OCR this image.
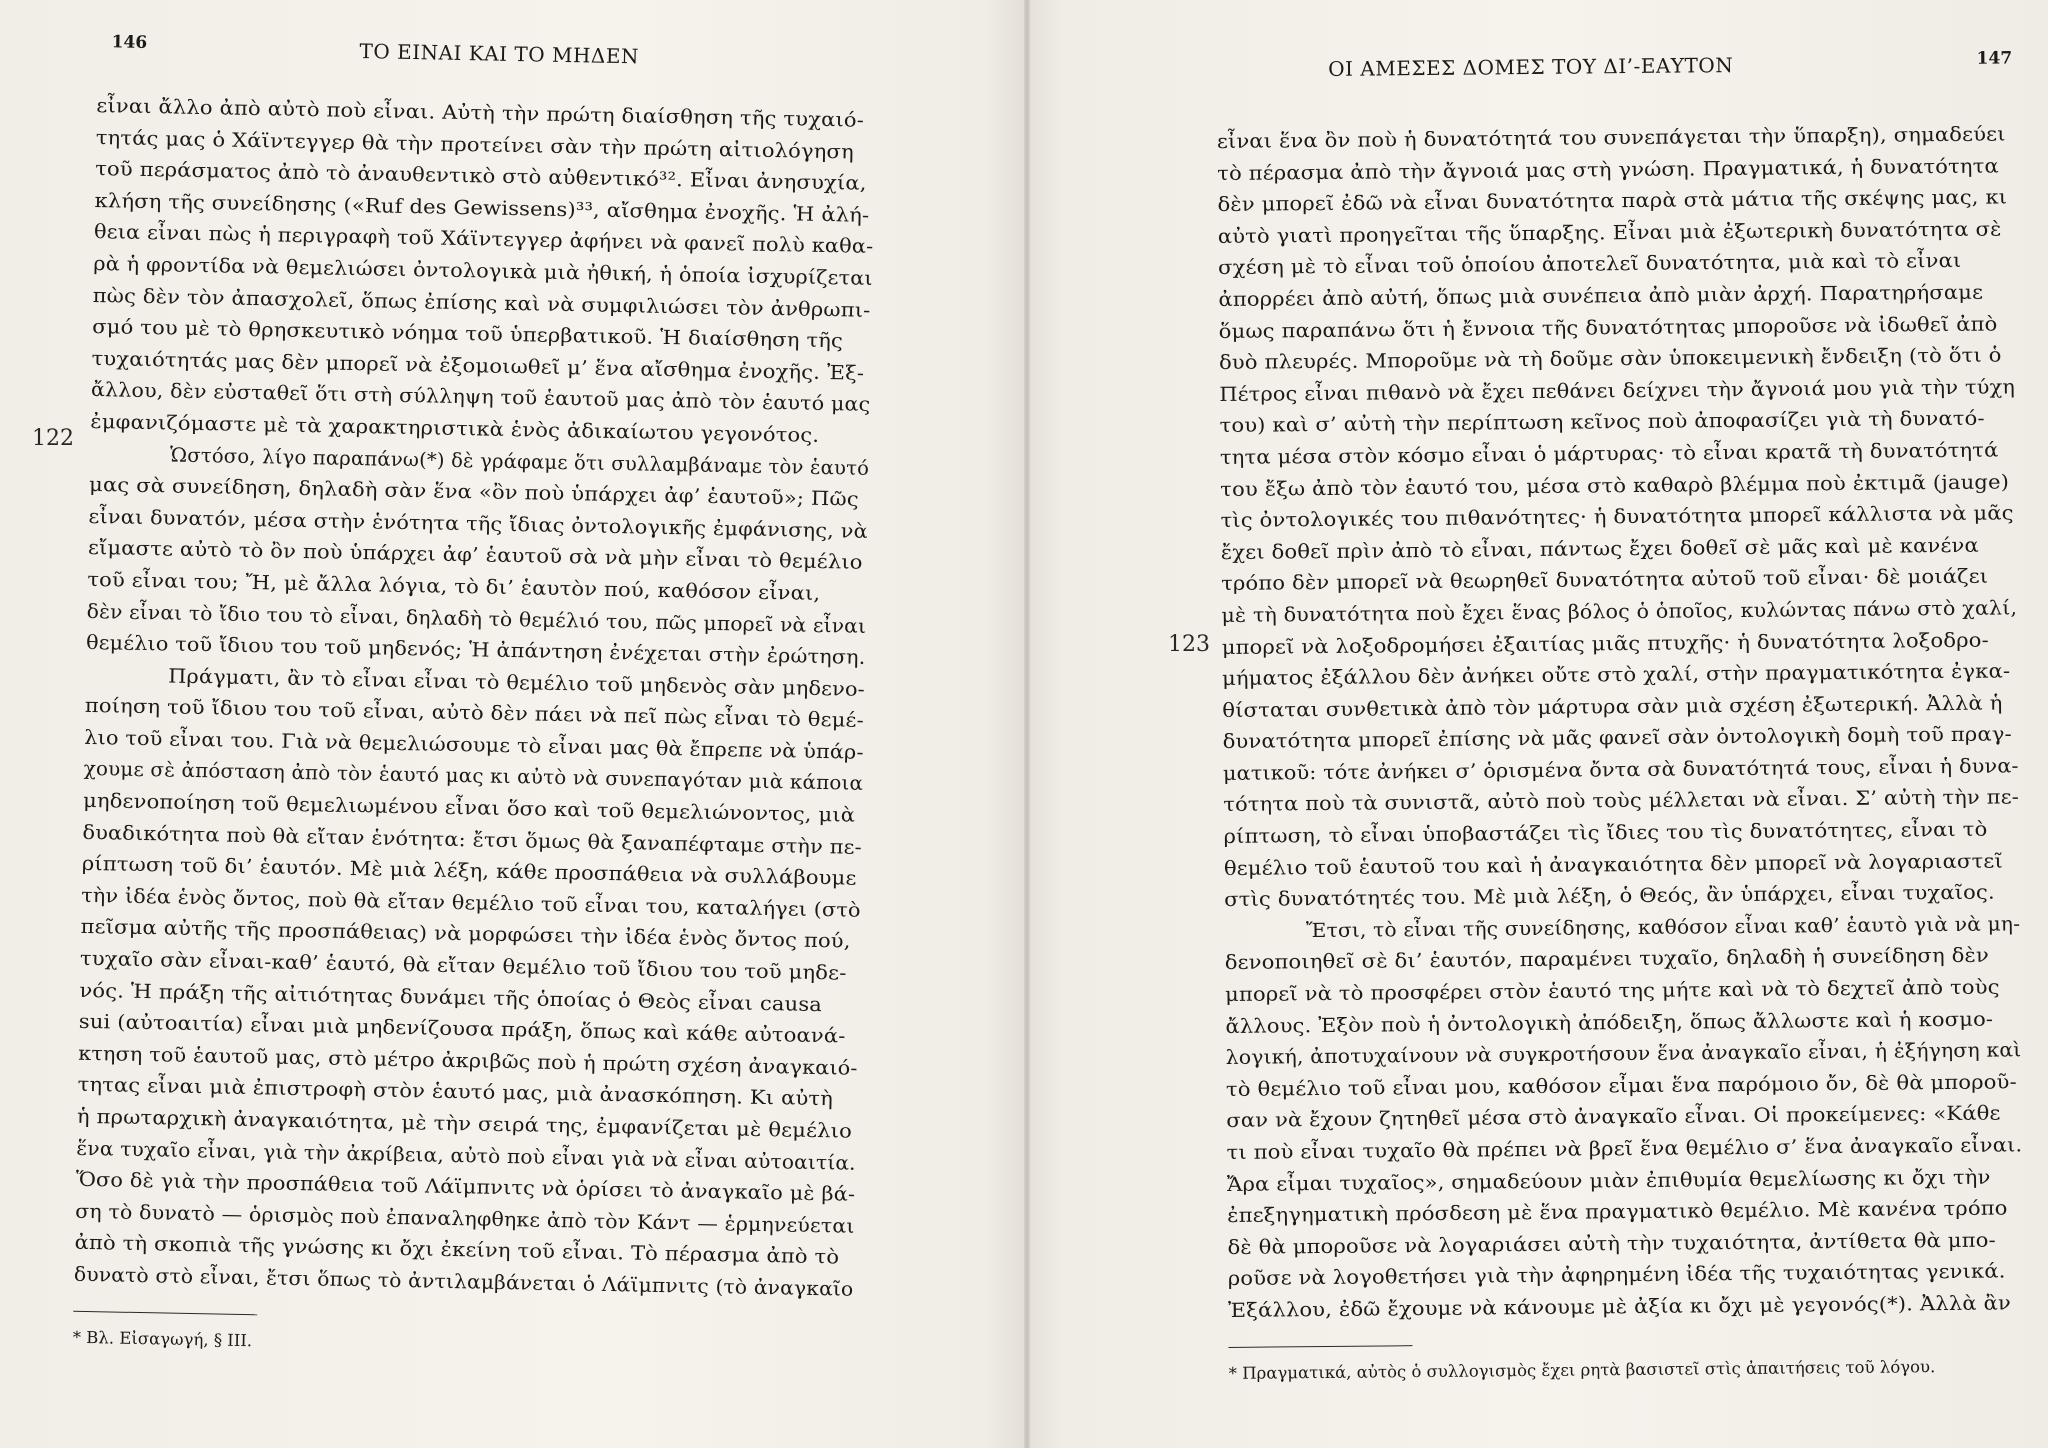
146	ΤΟ ΕΙΝΑΙ ΚΑΙ ΤΟ ΜΗΔΕΝ
εἶναι ἄλλο ἀπὸ αὐτὸ ποὺ εἶναι. Αὐτὴ τὴν πρώτη διαίσθηση τῆς τυχαιό-
τητάς μας ὁ Χάϊντεγγερ θὰ τὴν προτείνει σὰν τὴν πρώτη αἰτιολόγηση
τοῦ περάσματος ἀπὸ τὸ ἀναυθεντικὸ στὸ αὐθεντικό³². Εἶναι ἀνησυχία,
κλήση τῆς συνείδησης («Ruf des Gewissens)³³, αἴσθημα ἐνοχῆς. Ἡ ἀλή-
θεια εἶναι πὼς ἡ περιγραφὴ τοῦ Χάϊντεγγερ ἀφήνει νὰ φανεῖ πολὺ καθα-
ρὰ ἡ φροντίδα νὰ θεμελιώσει ὀντολογικὰ μιὰ ἠθική, ἡ ὁποία ἰσχυρίζεται
πὼς δὲν τὸν ἀπασχολεῖ, ὅπως ἐπίσης καὶ νὰ συμφιλιώσει τὸν ἀνθρωπι-
σμό του μὲ τὸ θρησκευτικὸ νόημα τοῦ ὑπερβατικοῦ. Ἡ διαίσθηση τῆς
τυχαιότητάς μας δὲν μπορεῖ νὰ ἐξομοιωθεῖ μ’ ἕνα αἴσθημα ἐνοχῆς. Ἐξ-
ἄλλου, δὲν εὐσταθεῖ ὅτι στὴ σύλληψη τοῦ ἑαυτοῦ μας ἀπὸ τὸν ἑαυτό μας
ἐμφανιζόμαστε μὲ τὰ χαρακτηριστικὰ ἑνὸς ἀδικαίωτου γεγονότος.
Ὡστόσο, λίγο παραπάνω(*) δὲ γράφαμε ὅτι συλλαμβάναμε τὸν ἑαυτό
μας σὰ συνείδηση, δηλαδὴ σὰν ἕνα «ὂν ποὺ ὑπάρχει ἀφ’ ἑαυτοῦ»; Πῶς
εἶναι δυνατόν, μέσα στὴν ἑνότητα τῆς ἴδιας ὀντολογικῆς ἐμφάνισης, νὰ
εἴμαστε αὐτὸ τὸ ὂν ποὺ ὑπάρχει ἀφ’ ἑαυτοῦ σὰ νὰ μὴν εἶναι τὸ θεμέλιο
τοῦ εἶναι του; Ἤ, μὲ ἄλλα λόγια, τὸ δι’ ἑαυτὸν πού, καθόσον εἶναι,
δὲν εἶναι τὸ ἴδιο του τὸ εἶναι, δηλαδὴ τὸ θεμέλιό του, πῶς μπορεῖ νὰ εἶναι
θεμέλιο τοῦ ἴδιου του τοῦ μηδενός; Ἡ ἀπάντηση ἐνέχεται στὴν ἐρώτηση.
Πράγματι, ἂν τὸ εἶναι εἶναι τὸ θεμέλιο τοῦ μηδενὸς σὰν μηδενο-
ποίηση τοῦ ἴδιου του τοῦ εἶναι, αὐτὸ δὲν πάει νὰ πεῖ πὼς εἶναι τὸ θεμέ-
λιο τοῦ εἶναι του. Γιὰ νὰ θεμελιώσουμε τὸ εἶναι μας θὰ ἔπρεπε νὰ ὑπάρ-
χουμε σὲ ἀπόσταση ἀπὸ τὸν ἑαυτό μας κι αὐτὸ νὰ συνεπαγόταν μιὰ κάποια
μηδενοποίηση τοῦ θεμελιωμένου εἶναι ὅσο καὶ τοῦ θεμελιώνοντος, μιὰ
δυαδικότητα ποὺ θὰ εἴταν ἑνότητα: ἔτσι ὅμως θὰ ξαναπέφταμε στὴν πε-
ρίπτωση τοῦ δι’ ἑαυτόν. Μὲ μιὰ λέξη, κάθε προσπάθεια νὰ συλλάβουμε
τὴν ἰδέα ἑνὸς ὄντος, ποὺ θὰ εἴταν θεμέλιο τοῦ εἶναι του, καταλήγει (στὸ
πεῖσμα αὐτῆς τῆς προσπάθειας) νὰ μορφώσει τὴν ἰδέα ἑνὸς ὄντος πού,
τυχαῖο σὰν εἶναι-καθ’ ἑαυτό, θὰ εἴταν θεμέλιο τοῦ ἴδιου του τοῦ μηδε-
νός. Ἡ πράξη τῆς αἰτιότητας δυνάμει τῆς ὁποίας ὁ Θεὸς εἶναι causa
sui (αὐτοαιτία) εἶναι μιὰ μηδενίζουσα πράξη, ὅπως καὶ κάθε αὐτοανά-
κτηση τοῦ ἑαυτοῦ μας, στὸ μέτρο ἀκριβῶς ποὺ ἡ πρώτη σχέση ἀναγκαιό-
τητας εἶναι μιὰ ἐπιστροφὴ στὸν ἑαυτό μας, μιὰ ἀνασκόπηση. Κι αὐτὴ
ἡ πρωταρχικὴ ἀναγκαιότητα, μὲ τὴν σειρά της, ἐμφανίζεται μὲ θεμέλιο
ἕνα τυχαῖο εἶναι, γιὰ τὴν ἀκρίβεια, αὐτὸ ποὺ εἶναι γιὰ νὰ εἶναι αὐτοαιτία.
Ὅσο δὲ γιὰ τὴν προσπάθεια τοῦ Λάϊμπνιτς νὰ ὁρίσει τὸ ἀναγκαῖο μὲ βά-
ση τὸ δυνατὸ — ὁρισμὸς ποὺ ἐπαναληφθηκε ἀπὸ τὸν Κάντ — ἑρμηνεύεται
ἀπὸ τὴ σκοπιὰ τῆς γνώσης κι ὄχι ἐκείνη τοῦ εἶναι. Τὸ πέρασμα ἀπὸ τὸ
δυνατὸ στὸ εἶναι, ἔτσι ὅπως τὸ ἀντιλαμβάνεται ὁ Λάϊμπνιτς (τὸ ἀναγκαῖο
* Βλ. Εἰσαγωγή, § ΙΙΙ.
ΟΙ ΑΜΕΣΕΣ ΔΟΜΕΣ ΤΟΥ ΔΙ’-ΕΑΥΤΟΝ	147
εἶναι ἕνα ὂν ποὺ ἡ δυνατότητά του συνεπάγεται τὴν ὕπαρξη), σημαδεύει
τὸ πέρασμα ἀπὸ τὴν ἄγνοιά μας στὴ γνώση. Πραγματικά, ἡ δυνατότητα
δὲν μπορεῖ ἐδῶ νὰ εἶναι δυνατότητα παρὰ στὰ μάτια τῆς σκέψης μας, κι
αὐτὸ γιατὶ προηγεῖται τῆς ὕπαρξης. Εἶναι μιὰ ἐξωτερικὴ δυνατότητα σὲ
σχέση μὲ τὸ εἶναι τοῦ ὁποίου ἀποτελεῖ δυνατότητα, μιὰ καὶ τὸ εἶναι
ἀπορρέει ἀπὸ αὐτή, ὅπως μιὰ συνέπεια ἀπὸ μιὰν ἀρχή. Παρατηρήσαμε
ὅμως παραπάνω ὅτι ἡ ἔννοια τῆς δυνατότητας μποροῦσε νὰ ἰδωθεῖ ἀπὸ
δυὸ πλευρές. Μποροῦμε νὰ τὴ δοῦμε σὰν ὑποκειμενικὴ ἔνδειξη (τὸ ὅτι ὁ
Πέτρος εἶναι πιθανὸ νὰ ἔχει πεθάνει δείχνει τὴν ἄγνοιά μου γιὰ τὴν τύχη
του) καὶ σ’ αὐτὴ τὴν περίπτωση κεῖνος ποὺ ἀποφασίζει γιὰ τὴ δυνατό-
τητα μέσα στὸν κόσμο εἶναι ὁ μάρτυρας· τὸ εἶναι κρατᾶ τὴ δυνατότητά
του ἔξω ἀπὸ τὸν ἑαυτό του, μέσα στὸ καθαρὸ βλέμμα ποὺ ἐκτιμᾶ (jauge)
τὶς ὀντολογικές του πιθανότητες· ἡ δυνατότητα μπορεῖ κάλλιστα νὰ μᾶς
ἔχει δοθεῖ πρὶν ἀπὸ τὸ εἶναι, πάντως ἔχει δοθεῖ σὲ μᾶς καὶ μὲ κανένα
τρόπο δὲν μπορεῖ νὰ θεωρηθεῖ δυνατότητα αὐτοῦ τοῦ εἶναι· δὲ μοιάζει
μὲ τὴ δυνατότητα ποὺ ἔχει ἕνας βόλος ὁ ὁποῖος, κυλώντας πάνω στὸ χαλί,
μπορεῖ νὰ λοξοδρομήσει ἐξαιτίας μιᾶς πτυχῆς· ἡ δυνατότητα λοξοδρο-
μήματος ἐξάλλου δὲν ἀνήκει οὔτε στὸ χαλί, στὴν πραγματικότητα ἐγκα-
θίσταται συνθετικὰ ἀπὸ τὸν μάρτυρα σὰν μιὰ σχέση ἐξωτερική. Ἀλλὰ ἡ
δυνατότητα μπορεῖ ἐπίσης νὰ μᾶς φανεῖ σὰν ὀντολογικὴ δομὴ τοῦ πραγ-
ματικοῦ: τότε ἀνήκει σ’ ὁρισμένα ὄντα σὰ δυνατότητά τους, εἶναι ἡ δυνα-
τότητα ποὺ τὰ συνιστᾶ, αὐτὸ ποὺ τοὺς μέλλεται νὰ εἶναι. Σ’ αὐτὴ τὴν πε-
ρίπτωση, τὸ εἶναι ὑποβαστάζει τὶς ἴδιες του τὶς δυνατότητες, εἶναι τὸ
θεμέλιο τοῦ ἑαυτοῦ του καὶ ἡ ἀναγκαιότητα δὲν μπορεῖ νὰ λογαριαστεῖ
στὶς δυνατότητές του. Μὲ μιὰ λέξη, ὁ Θεός, ἂν ὑπάρχει, εἶναι τυχαῖος.
Ἔτσι, τὸ εἶναι τῆς συνείδησης, καθόσον εἶναι καθ’ ἑαυτὸ γιὰ νὰ μη-
δενοποιηθεῖ σὲ δι’ ἑαυτόν, παραμένει τυχαῖο, δηλαδὴ ἡ συνείδηση δὲν
μπορεῖ νὰ τὸ προσφέρει στὸν ἑαυτό της μήτε καὶ νὰ τὸ δεχτεῖ ἀπὸ τοὺς
ἄλλους. Ἐξὸν ποὺ ἡ ὀντολογικὴ ἀπόδειξη, ὅπως ἄλλωστε καὶ ἡ κοσμο-
λογική, ἀποτυχαίνουν νὰ συγκροτήσουν ἕνα ἀναγκαῖο εἶναι, ἡ ἐξήγηση καὶ
τὸ θεμέλιο τοῦ εἶναι μου, καθόσον εἶμαι ἕνα παρόμοιο ὄν, δὲ θὰ μποροῦ-
σαν νὰ ἔχουν ζητηθεῖ μέσα στὸ ἀναγκαῖο εἶναι. Οἱ προκείμενες: «Κάθε
τι ποὺ εἶναι τυχαῖο θὰ πρέπει νὰ βρεῖ ἕνα θεμέλιο σ’ ἕνα ἀναγκαῖο εἶναι.
Ἄρα εἶμαι τυχαῖος», σημαδεύουν μιὰν ἐπιθυμία θεμελίωσης κι ὄχι τὴν
ἐπεξηγηματικὴ πρόσδεση μὲ ἕνα πραγματικὸ θεμέλιο. Μὲ κανένα τρόπο
δὲ θὰ μποροῦσε νὰ λογαριάσει αὐτὴ τὴν τυχαιότητα, ἀντίθετα θὰ μπο-
ροῦσε νὰ λογοθετήσει γιὰ τὴν ἀφηρημένη ἰδέα τῆς τυχαιότητας γενικά.
Ἐξάλλου, ἐδῶ ἔχουμε νὰ κάνουμε μὲ ἀξία κι ὄχι μὲ γεγονός(*). Ἀλλὰ ἂν
* Πραγματικά, αὐτὸς ὁ συλλογισμὸς ἔχει ρητὰ βασιστεῖ στὶς ἀπαιτήσεις τοῦ λόγου.
122
123
